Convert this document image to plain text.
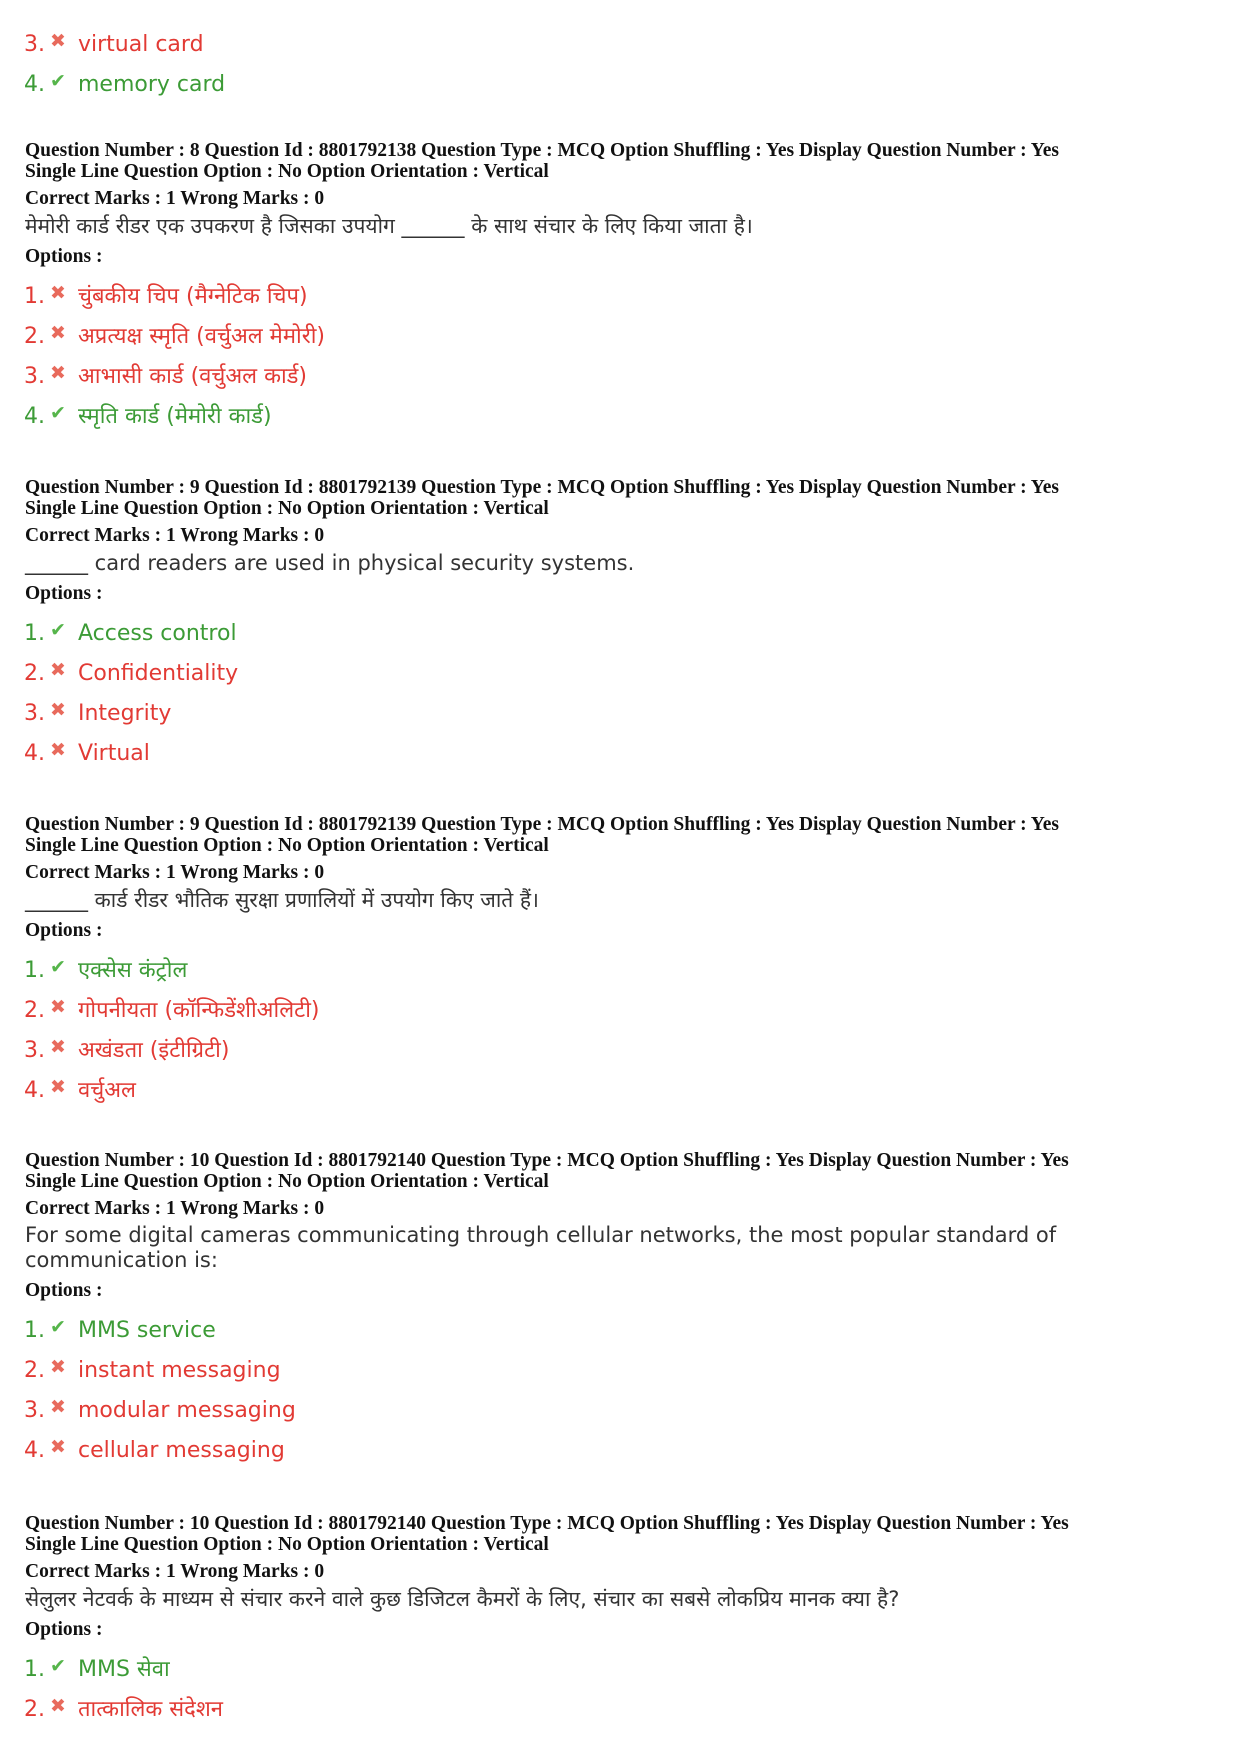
3. ✖ virtual card
4. ✔ memory card
Question Number : 8 Question Id : 8801792138 Question Type : MCQ Option Shuffling : Yes Display Question Number : Yes
Single Line Question Option : No Option Orientation : Vertical
Correct Marks : 1 Wrong Marks : 0
मेमोरी कार्ड रीडर एक उपकरण है जिसका उपयोग ______ के साथ संचार के लिए किया जाता है।
Options :
1. ✖ चुंबकीय चिप (मैग्नेटिक चिप)
2. ✖ अप्रत्यक्ष स्मृति (वर्चुअल मेमोरी)
3. ✖ आभासी कार्ड (वर्चुअल कार्ड)
4. ✔ स्मृति कार्ड (मेमोरी कार्ड)
Question Number : 9 Question Id : 8801792139 Question Type : MCQ Option Shuffling : Yes Display Question Number : Yes
Single Line Question Option : No Option Orientation : Vertical
Correct Marks : 1 Wrong Marks : 0
______ card readers are used in physical security systems.
Options :
1. ✔ Access control
2. ✖ Confidentiality
3. ✖ Integrity
4. ✖ Virtual
Question Number : 9 Question Id : 8801792139 Question Type : MCQ Option Shuffling : Yes Display Question Number : Yes
Single Line Question Option : No Option Orientation : Vertical
Correct Marks : 1 Wrong Marks : 0
______ कार्ड रीडर भौतिक सुरक्षा प्रणालियों में उपयोग किए जाते हैं।
Options :
1. ✔ एक्सेस कंट्रोल
2. ✖ गोपनीयता (कॉन्फिडेंशीअलिटी)
3. ✖ अखंडता (इंटीग्रिटी)
4. ✖ वर्चुअल
Question Number : 10 Question Id : 8801792140 Question Type : MCQ Option Shuffling : Yes Display Question Number : Yes
Single Line Question Option : No Option Orientation : Vertical
Correct Marks : 1 Wrong Marks : 0
For some digital cameras communicating through cellular networks, the most popular standard of communication is:
Options :
1. ✔ MMS service
2. ✖ instant messaging
3. ✖ modular messaging
4. ✖ cellular messaging
Question Number : 10 Question Id : 8801792140 Question Type : MCQ Option Shuffling : Yes Display Question Number : Yes
Single Line Question Option : No Option Orientation : Vertical
Correct Marks : 1 Wrong Marks : 0
सेलुलर नेटवर्क के माध्यम से संचार करने वाले कुछ डिजिटल कैमरों के लिए, संचार का सबसे लोकप्रिय मानक क्या है?
Options :
1. ✔ MMS सेवा
2. ✖ तात्कालिक संदेशन
